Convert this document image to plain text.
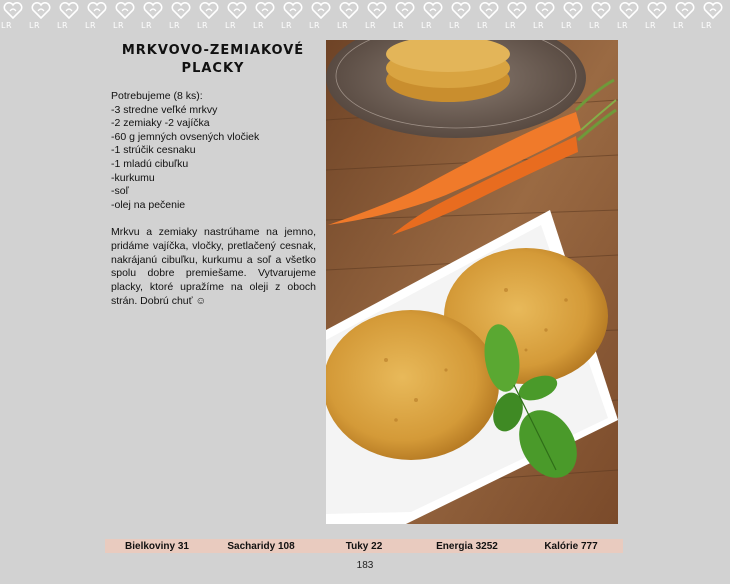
LR	LR	LR	LR	LR	LR	LR	LR	LR	LR	LR	LR	LR	LR	LR	LR	LR	LR	LR	LR	LR	LR	LR	LR	LR	LR
MRKVOVO-ZEMIAKOVÉ
PLACKY
Potrebujeme (8 ks):
-3 stredne veľké mrkvy
-2 zemiaky -2 vajíčka
-60 g jemných ovsených vločiek
-1 strúčik cesnaku
-1 mladú cibuľku
-kurkumu
-soľ
-olej na pečenie
Mrkvu a zemiaky nastrúhame na jemno, pridáme vajíčka, vločky, pretlačený cesnak, nakrájanú cibuľku, kurkumu a soľ a všetko spolu dobre premiešame. Vytvarujeme placky, ktoré upražíme na oleji z oboch strán. Dobrú chuť ☺
Bielkoviny 31	Sacharidy 108	Tuky 22	Energia 3252	Kalórie 777
183
